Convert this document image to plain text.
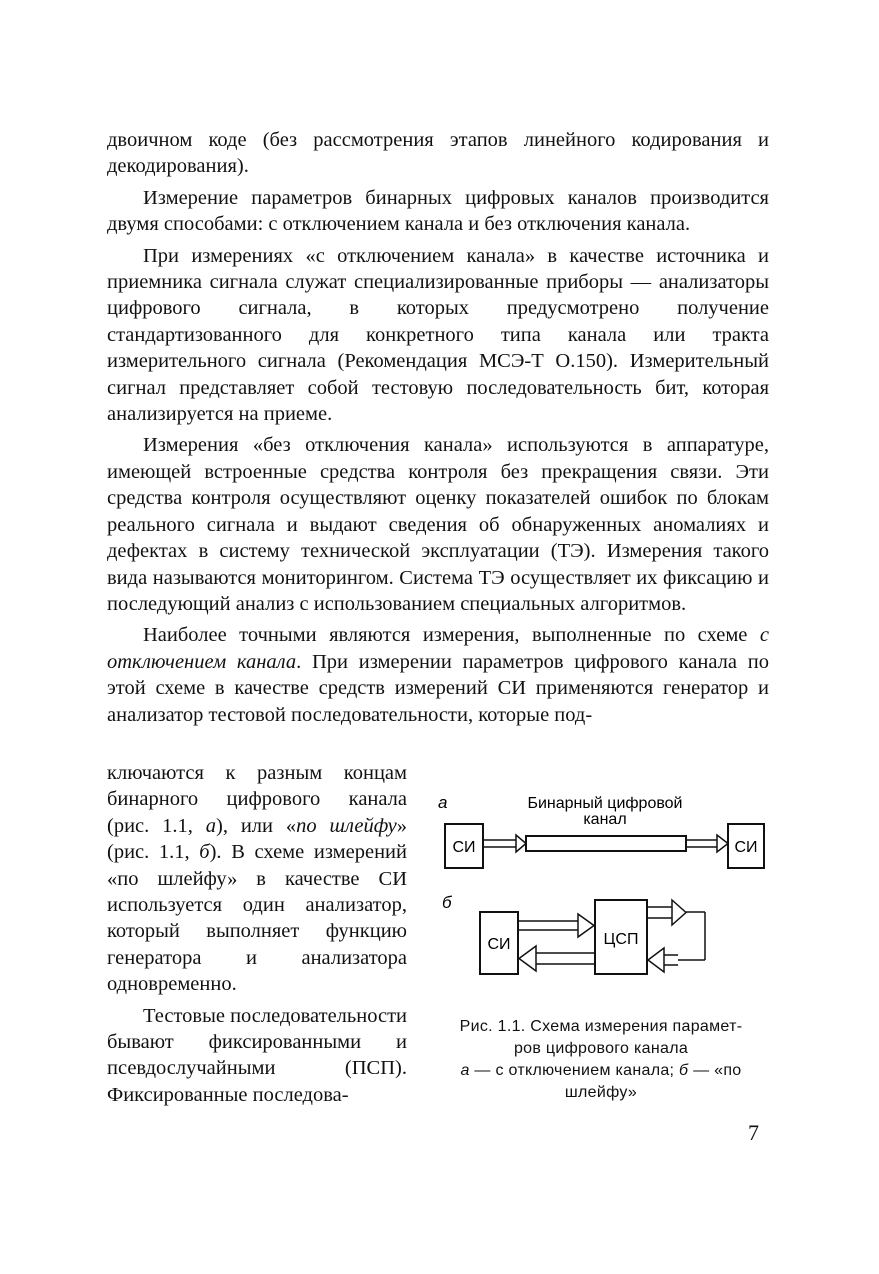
двоичном коде (без рассмотрения этапов линейного кодирования и декодирования).

Измерение параметров бинарных цифровых каналов производится двумя способами: с отключением канала и без отключения канала.

При измерениях «с отключением канала» в качестве источника и приемника сигнала служат специализированные приборы — анализаторы цифрового сигнала, в которых предусмотрено получение стандартизованного для конкретного типа канала или тракта измерительного сигнала (Рекомендация МСЭ-Т О.150). Измерительный сигнал представляет собой тестовую последовательность бит, которая анализируется на приеме.

Измерения «без отключения канала» используются в аппаратуре, имеющей встроенные средства контроля без прекращения связи. Эти средства контроля осуществляют оценку показателей ошибок по блокам реального сигнала и выдают сведения об обнаруженных аномалиях и дефектах в систему технической эксплуатации (ТЭ). Измерения такого вида называются мониторингом. Система ТЭ осуществляет их фиксацию и последующий анализ с использованием специальных алгоритмов.

Наиболее точными являются измерения, выполненные по схеме с отключением канала. При измерении параметров цифрового канала по этой схеме в качестве средств измерений СИ применяются генератор и анализатор тестовой последовательности, которые под-

ключаются к разным концам бинарного цифрового канала (рис. 1.1, а), или «по шлейфу» (рис. 1.1, б). В схеме измерений «по шлейфу» в качестве СИ используется один анализатор, который выполняет функцию генератора и анализатора одновременно.

Тестовые последовательности бывают фиксированными и псевдослучайными (ПСП). Фиксированные последова-

а	Бинарный цифровой
канал
СИ	СИ
б
СИ	ЦСП
Рис. 1.1. Схема измерения парамет-
ров цифрового канала
а — с отключением канала; б — «по
шлейфу»
7
